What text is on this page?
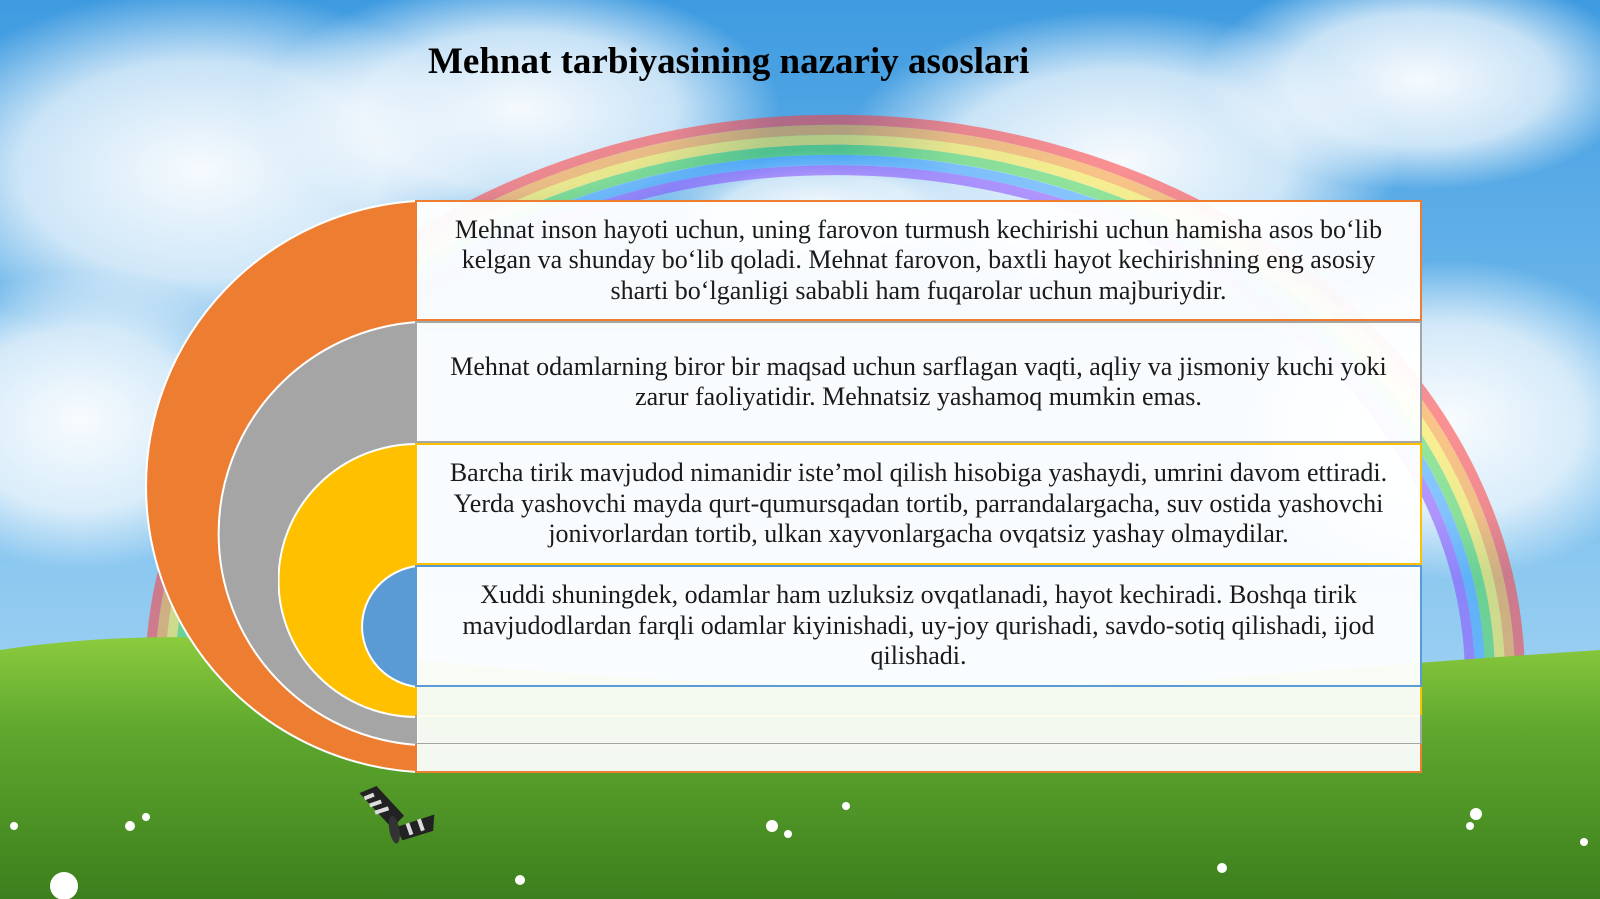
Mehnat tarbiyasining nazariy asoslari
Mehnat inson hayoti uchun, uning farovon turmush kechirishi uchun hamisha asos bo‘lib kelgan va shunday bo‘lib qoladi. Mehnat farovon, baxtli hayot kechirishning eng asosiy sharti bo‘lganligi sababli ham fuqarolar uchun majburiydir.
Mehnat odamlarning biror bir maqsad uchun sarflagan vaqti, aqliy va jismoniy kuchi yoki zarur faoliyatidir. Mehnatsiz yashamoq mumkin emas.
Barcha tirik mavjudod nimanidir iste’mol qilish hisobiga yashaydi, umrini davom ettiradi. Yerda yashovchi mayda qurt-qumursqadan tortib, parrandalargacha, suv ostida yashovchi jonivorlardan tortib, ulkan xayvonlargacha ovqatsiz yashay olmaydilar.
Xuddi shuningdek, odamlar ham uzluksiz ovqatlanadi, hayot kechiradi. Boshqa tirik mavjudodlardan farqli odamlar kiyinishadi, uy-joy qurishadi, savdo-sotiq qilishadi, ijod qilishadi.
